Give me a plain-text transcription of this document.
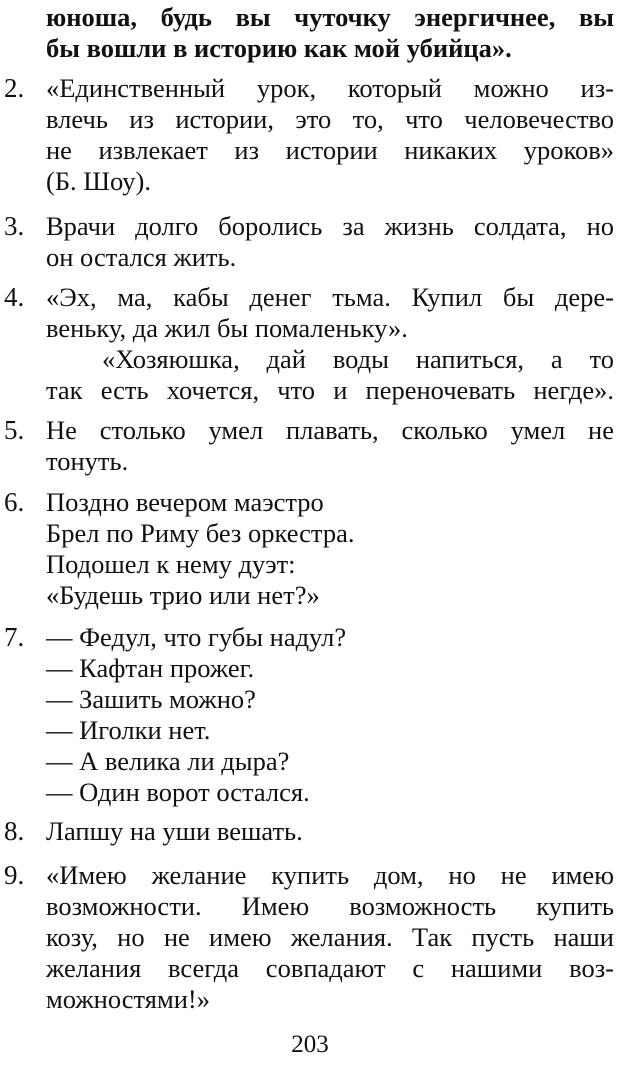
юноша, будь вы чуточку энергичнее, вы
бы вошли в историю как мой убийца».
2. «Единственный урок, который можно из-
влечь из истории, это то, что человечество
не извлекает из истории никаких уроков»
(Б. Шоу).
3. Врачи долго боролись за жизнь солдата, но
он остался жить.
4. «Эх, ма, кабы денег тьма. Купил бы дере-
веньку, да жил бы помаленьку».
«Хозяюшка, дай воды напиться, а то
так есть хочется, что и переночевать негде».
5. Не столько умел плавать, сколько умел не
тонуть.
6. Поздно вечером маэстро
Брел по Риму без оркестра.
Подошел к нему дуэт:
«Будешь трио или нет?»
7. — Федул, что губы надул?
— Кафтан прожег.
— Зашить можно?
— Иголки нет.
— А велика ли дыра?
— Один ворот остался.
8. Лапшу на уши вешать.
9. «Имею желание купить дом, но не имею
возможности. Имею возможность купить
козу, но не имею желания. Так пусть наши
желания всегда совпадают с нашими воз-
можностями!»
203
